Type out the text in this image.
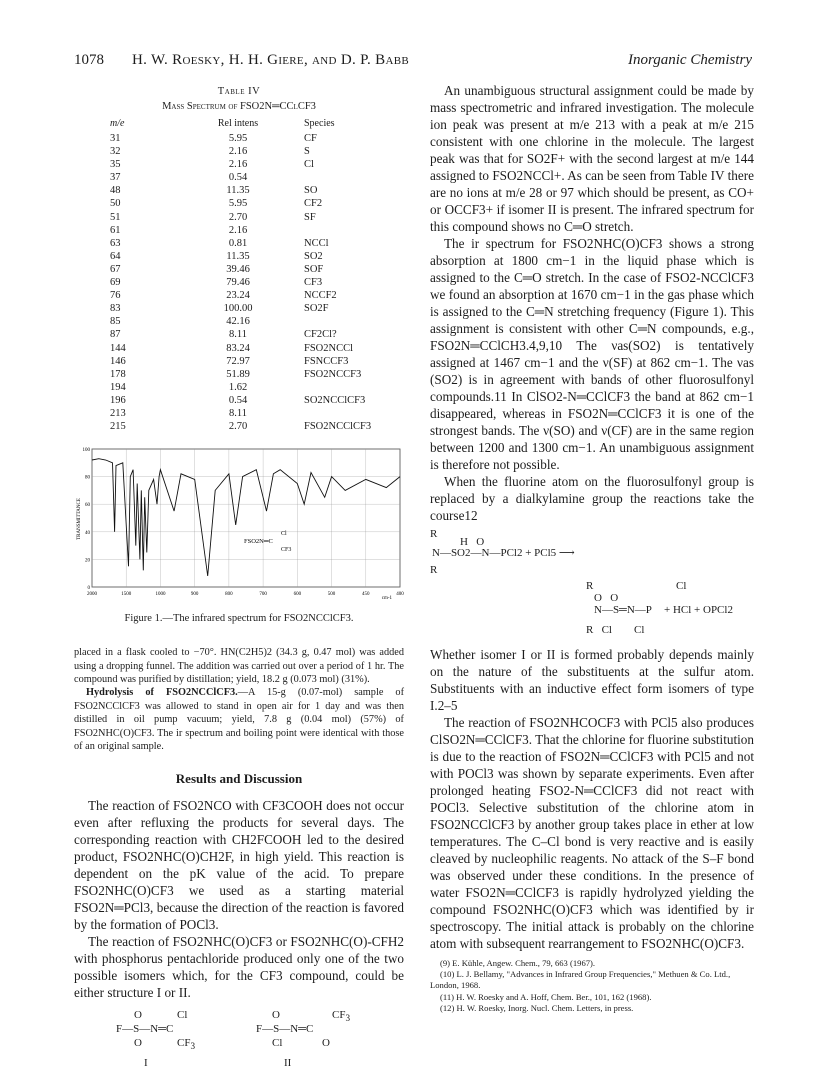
1078 H. W. Roesky, H. H. Giere, and D. P. Babb	Inorganic Chemistry
Table IV
Mass Spectrum of FSO2N═CClCF3
m/e	Rel intens	Species
31	5.95	CF
32	2.16	S
35	2.16	Cl
37	0.54	
48	11.35	SO
50	5.95	CF2
51	2.70	SF
61	2.16	
63	0.81	NCCl
64	11.35	SO2
67	39.46	SOF
69	79.46	CF3
76	23.24	NCCF2
83	100.00	SO2F
85	42.16	
87	8.11	CF2Cl?
144	83.24	FSO2NCCl
146	72.97	FSNCCF3
178	51.89	FSO2NCCF3
194	1.62	
196	0.54	SO2NCClCF3
213	8.11	
215	2.70	FSO2NCClCF3
100
80
60
40
20
0
2000	1500	1000	900	800	700	600	500	450	400
TRANSMITTANCE
FSO2N═C
Cl
CF3
cm-1
Figure 1.—The infrared spectrum for FSO2NCClCF3.

placed in a flask cooled to −70°. HN(C2H5)2 (34.3 g, 0.47 mol) was added using a dropping funnel. The addition was carried out over a period of 1 hr. The compound was purified by distillation; yield, 18.2 g (0.073 mol) (31%).

Hydrolysis of FSO2NCClCF3.—A 15-g (0.07-mol) sample of FSO2NCClCF3 was allowed to stand in open air for 1 day and was then distilled in oil pump vacuum; yield, 7.8 g (0.04 mol) (57%) of FSO2NHC(O)CF3. The ir spectrum and boiling point were identical with those of an original sample.

Results and Discussion

The reaction of FSO2NCO with CF3COOH does not occur even after refluxing the products for several days. The corresponding reaction with CH2FCOOH led to the desired product, FSO2NHC(O)CH2F, in high yield. This reaction is dependent on the pK value of the acid. To prepare FSO2NHC(O)CF3 we used as a starting material FSO2N═PCl3, because the direction of the reaction is favored by the formation of POCl3.

The reaction of FSO2NHC(O)CF3 or FSO2NHC(O)-CFH2 with phosphorus pentachloride produced only one of the two possible isomers which, for the CF3 compound, could be either structure I or II.

O	Cl
F—S—N═C
O	$CF_3$
I
O	$CF_3$
F—S—N═C
Cl	O
II

An unambiguous structural assignment could be made by mass spectrometric and infrared investigation. The molecule ion peak was present at m/e 213 with a peak at m/e 215 consistent with one chlorine in the molecule. The largest peak was that for SO2F+ with the second largest at m/e 144 assigned to FSO2NCCl+. As can be seen from Table IV there are no ions at m/e 28 or 97 which should be present, as CO+ or OCCF3+ if isomer II is present. The infrared spectrum for this compound shows no C═O stretch.

The ir spectrum for FSO2NHC(O)CF3 shows a strong absorption at 1800 cm−1 in the liquid phase which is assigned to the C═O stretch. In the case of FSO2-NCClCF3 we found an absorption at 1670 cm−1 in the gas phase which is assigned to the C═N stretching frequency (Figure 1). This assignment is consistent with other C═N compounds, e.g., FSO2N═CClCH3.4,9,10 The νas(SO2) is tentatively assigned at 1467 cm−1 and the ν(SF) at 862 cm−1. The νas (SO2) is in agreement with bands of other fluorosulfonyl compounds.11 In ClSO2-N═CClCF3 the band at 862 cm−1 disappeared, whereas in FSO2N═CClCF3 it is one of the strongest bands. The ν(SO) and ν(CF) are in the same region between 1200 and 1300 cm−1. An unambiguous assignment is therefore not possible.

When the fluorine atom on the fluorosulfonyl group is replaced by a dialkylamine group the reactions take the course12

R
H   O
N—SO2—N—PCl2 + PCl5 ⟶
R
R	Cl
O   O
N—S═N—P + HCl + OPCl2
R   Cl        Cl

Whether isomer I or II is formed probably depends mainly on the nature of the substituents at the sulfur atom. Substituents with an inductive effect form isomers of type I.2–5

The reaction of FSO2NHCOCF3 with PCl5 also produces ClSO2N═CClCF3. That the chlorine for fluorine substitution is due to the reaction of FSO2N═CClCF3 with PCl5 and not with POCl3 was shown by separate experiments. Even after prolonged heating FSO2-N═CClCF3 did not react with POCl3. Selective substitution of the chlorine atom in FSO2NCClCF3 by another group takes place in ether at low temperatures. The C–Cl bond is very reactive and is easily cleaved by nucleophilic reagents. No attack of the S–F bond was observed under these conditions. In the presence of water FSO2N═CClCF3 is rapidly hydrolyzed yielding the compound FSO2NHC(O)CF3 which was identified by ir spectroscopy. The initial attack is probably on the chlorine atom with subsequent rearrangement to FSO2NHC(O)CF3.

(9) E. Kühle, Angew. Chem., 79, 663 (1967).

(10) L. J. Bellamy, "Advances in Infrared Group Frequencies," Methuen & Co. Ltd., London, 1968.

(11) H. W. Roesky and A. Hoff, Chem. Ber., 101, 162 (1968).

(12) H. W. Roesky, Inorg. Nucl. Chem. Letters, in press.
